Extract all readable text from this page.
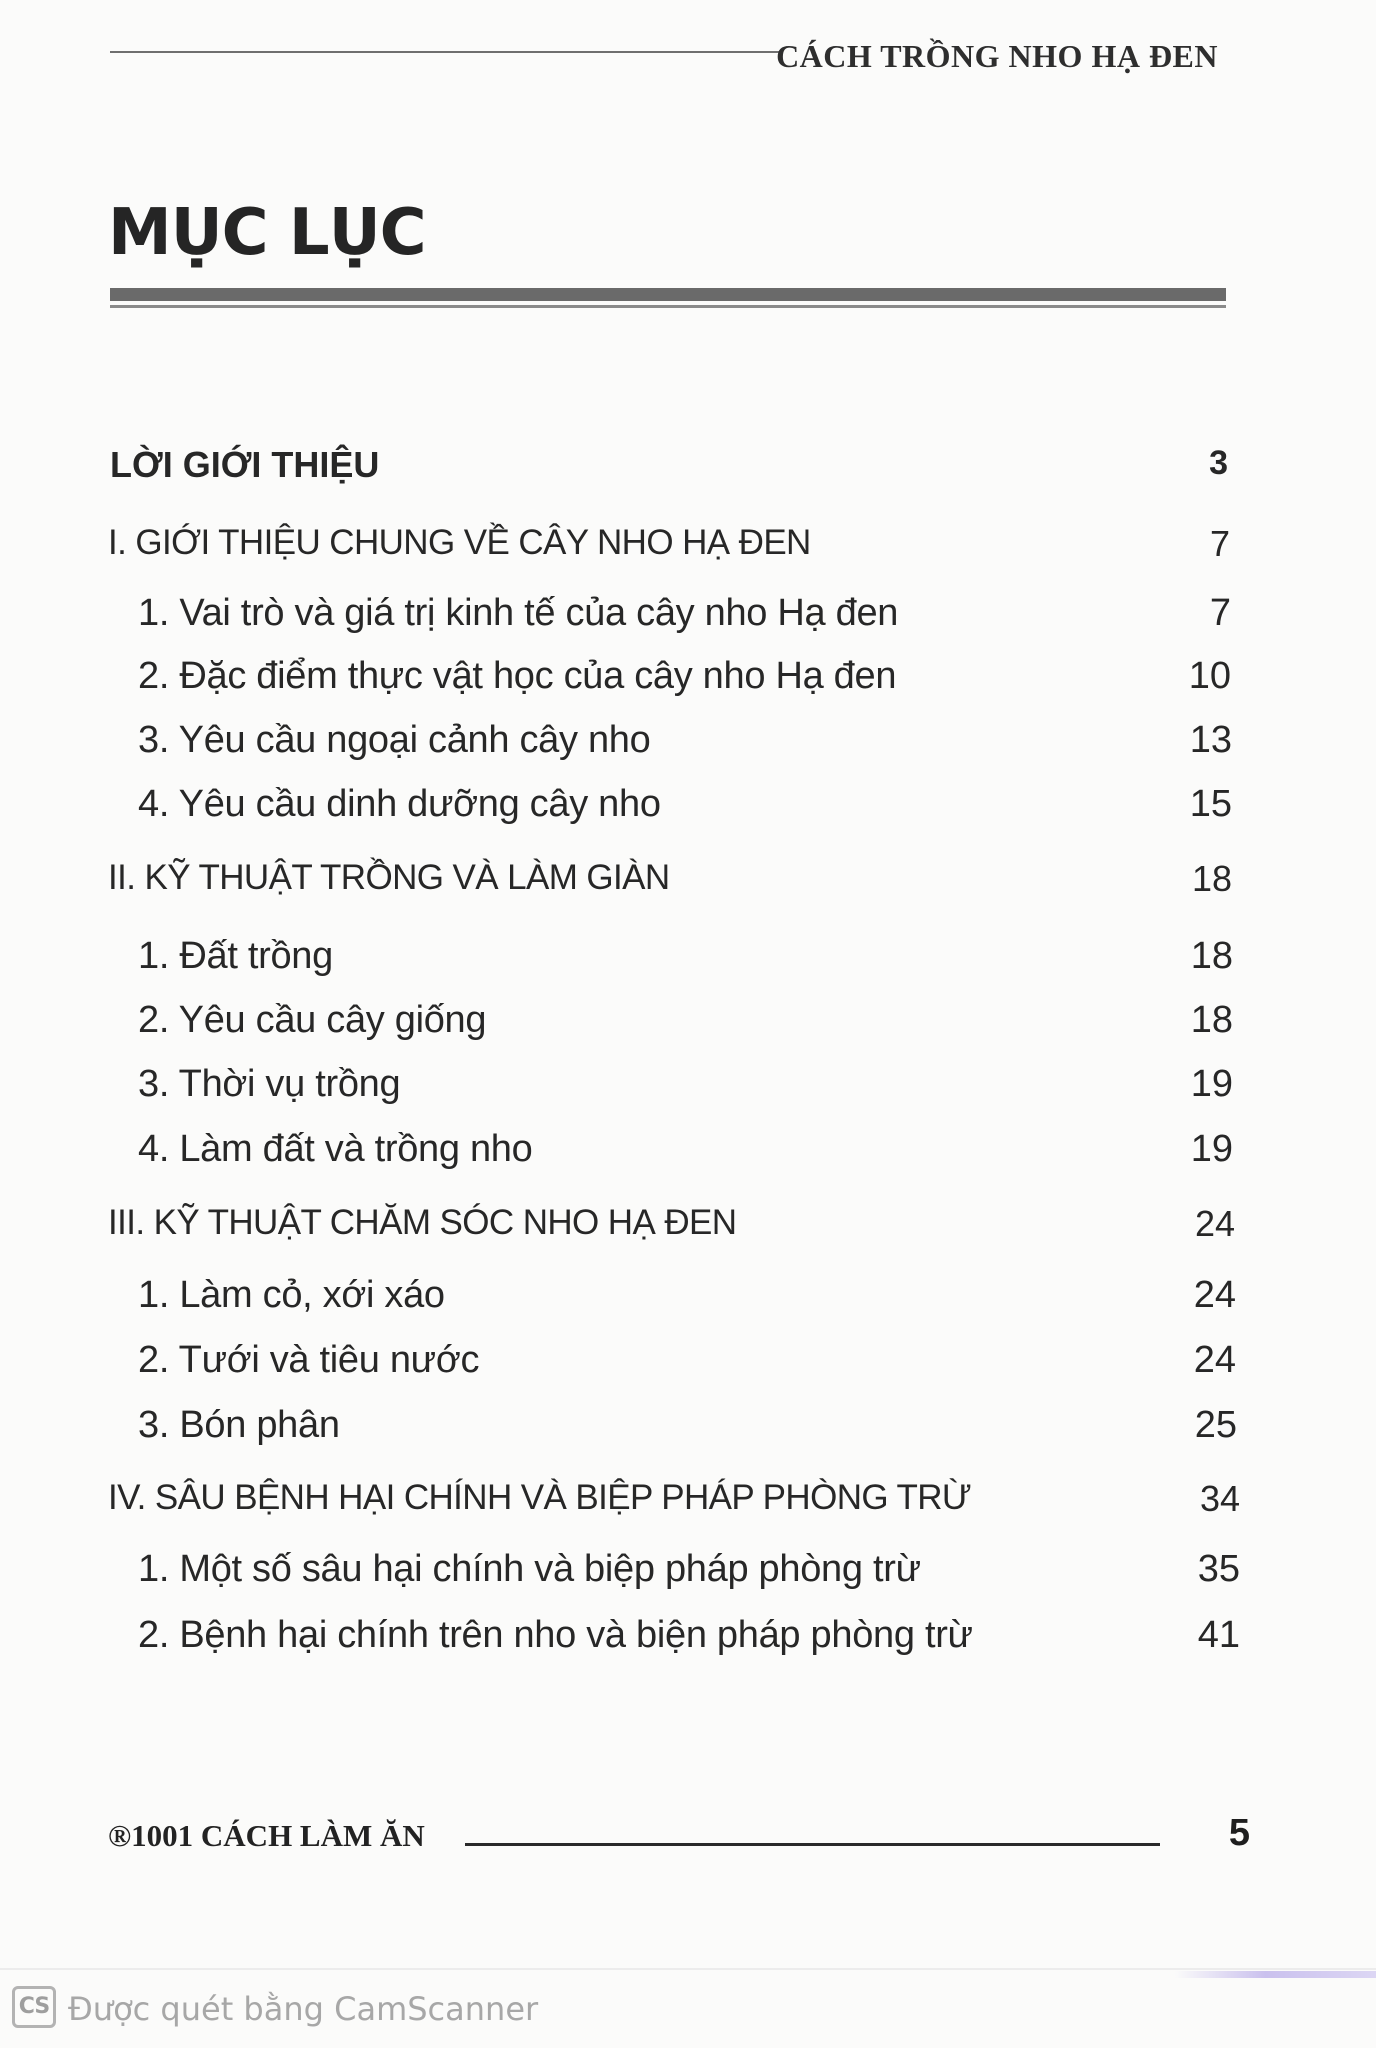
CÁCH TRỒNG NHO HẠ ĐEN
MỤC LỤC
LỜI GIỚI THIỆU	3
I. GIỚI THIỆU CHUNG VỀ CÂY NHO HẠ ĐEN	7
1. Vai trò và giá trị kinh tế của cây nho Hạ đen	7
2. Đặc điểm thực vật học của cây nho Hạ đen	10
3. Yêu cầu ngoại cảnh cây nho	13
4. Yêu cầu dinh dưỡng cây nho	15
II. KỸ THUẬT TRỒNG VÀ LÀM GIÀN	18
1. Đất trồng	18
2. Yêu cầu cây giống	18
3. Thời vụ trồng	19
4. Làm đất và trồng nho	19
III. KỸ THUẬT CHĂM SÓC NHO HẠ ĐEN	24
1. Làm cỏ, xới xáo	24
2. Tưới và tiêu nước	24
3. Bón phân	25
IV. SÂU BỆNH HẠI CHÍNH VÀ BIỆP PHÁP PHÒNG TRỪ	34
1. Một số sâu hại chính và biệp pháp phòng trừ	35
2. Bệnh hại chính trên nho và biện pháp phòng trừ	41
®1001 CÁCH LÀM ĂN	5
CS Được quét bằng CamScanner
